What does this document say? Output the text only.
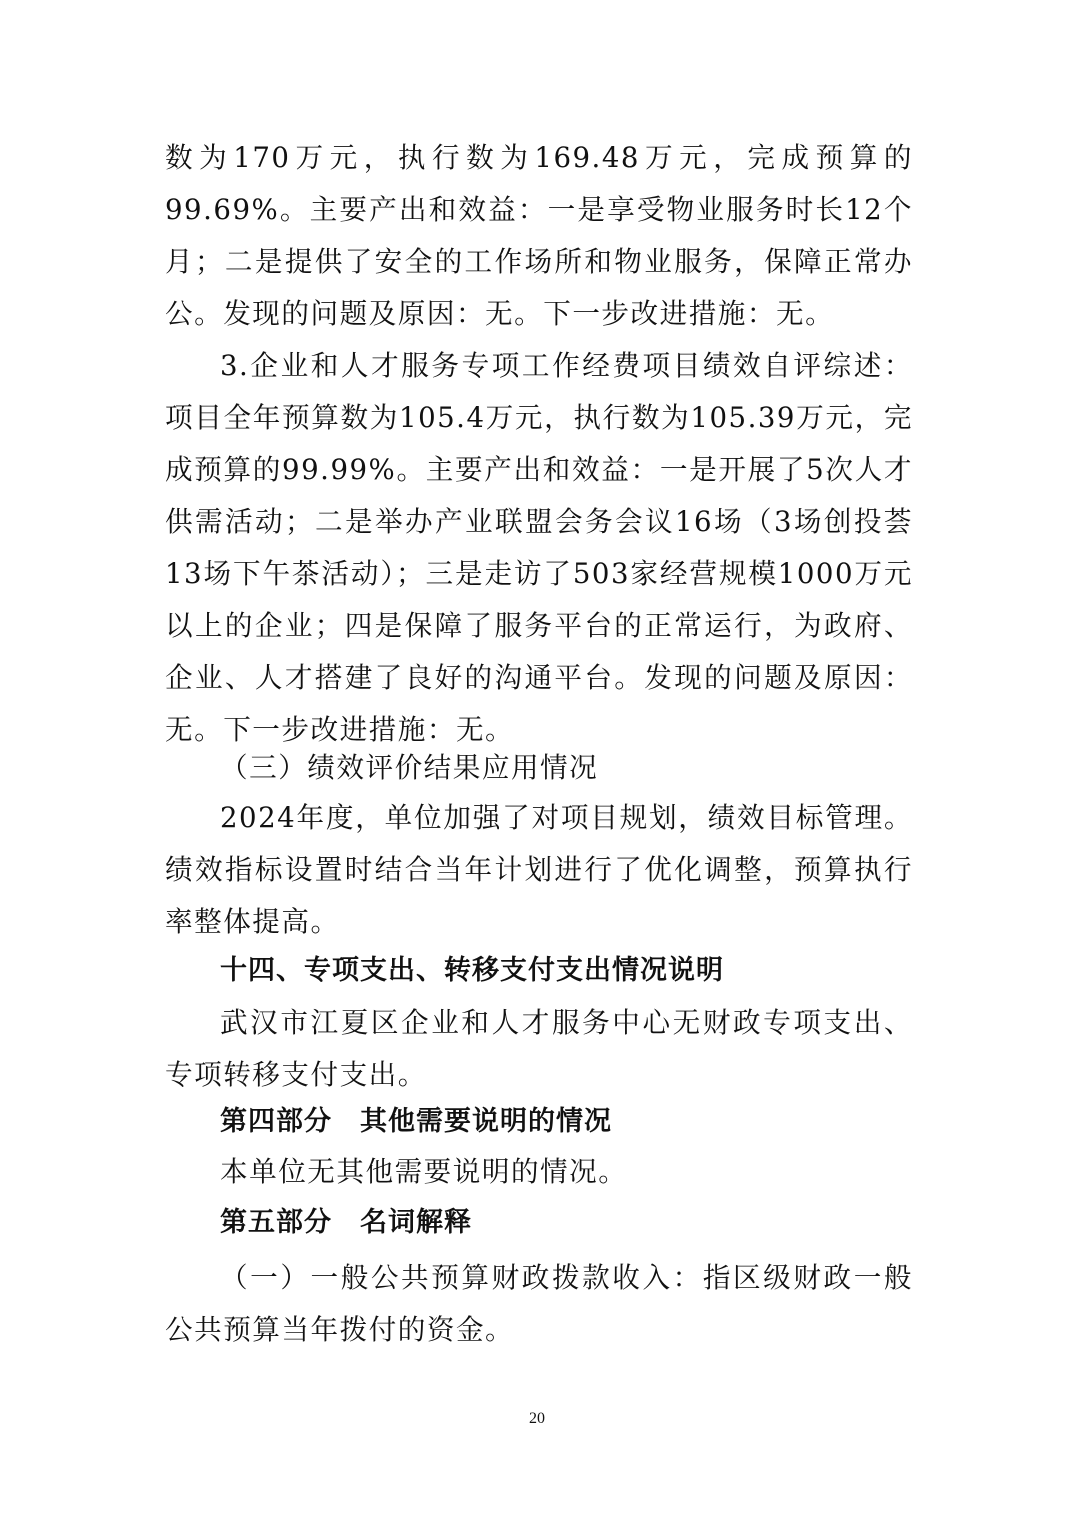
数为170万元，执行数为169.48万元，完成预算的99.69%。主要产出和效益：一是享受物业服务时长12个月；二是提供了安全的工作场所和物业服务，保障正常办公。发现的问题及原因：无。下一步改进措施：无。

3.企业和人才服务专项工作经费项目绩效自评综述：项目全年预算数为105.4万元，执行数为105.39万元，完成预算的99.99%。主要产出和效益：一是开展了5次人才供需活动；二是举办产业联盟会务会议16场（3场创投荟13场下午茶活动）；三是走访了503家经营规模1000万元以上的企业；四是保障了服务平台的正常运行，为政府、企业、人才搭建了良好的沟通平台。发现的问题及原因：无。下一步改进措施：无。

（三）绩效评价结果应用情况

2024年度，单位加强了对项目规划，绩效目标管理。绩效指标设置时结合当年计划进行了优化调整，预算执行率整体提高。

十四、专项支出、转移支付支出情况说明

武汉市江夏区企业和人才服务中心无财政专项支出、专项转移支付支出。

第四部分　其他需要说明的情况

本单位无其他需要说明的情况。

第五部分　名词解释

（一）一般公共预算财政拨款收入：指区级财政一般公共预算当年拨付的资金。

20
